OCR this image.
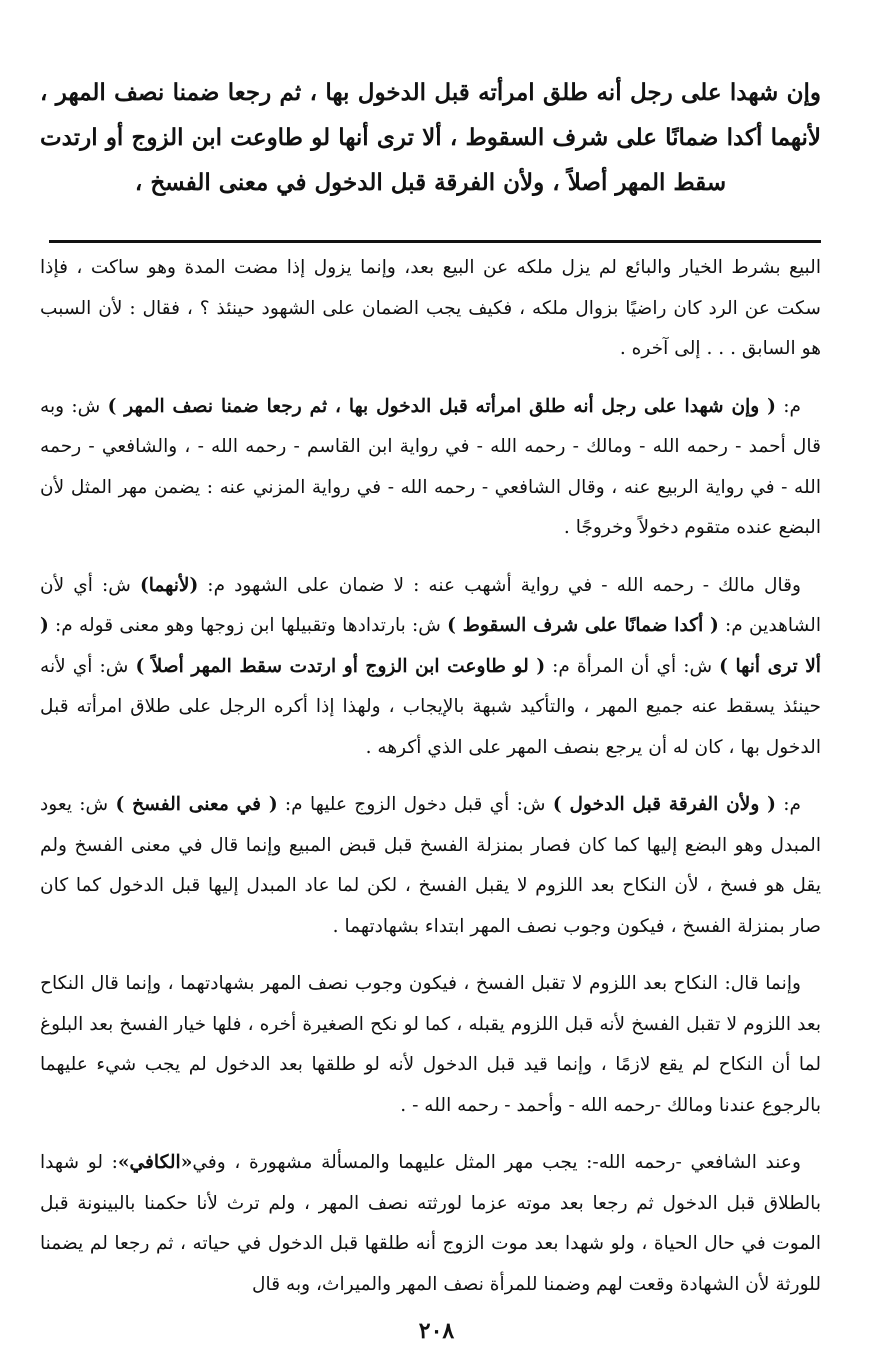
وإن شهدا على رجل أنه طلق امرأته قبل الدخول بها ، ثم رجعا ضمنا نصف المهر ، لأنهما أكدا ضمانًا على شرف السقوط ، ألا ترى أنها لو طاوعت ابن الزوج أو ارتدت سقط المهر أصلاً ، ولأن الفرقة قبل الدخول في معنى الفسخ ،

البيع بشرط الخيار والبائع لم يزل ملكه عن البيع بعد، وإنما يزول إذا مضت المدة وهو ساكت ، فإذا سكت عن الرد كان راضيًا بزوال ملكه ، فكيف يجب الضمان على الشهود حينئذ ؟ ، فقال : لأن السبب هو السابق . . . إلى آخره .

م: ( وإن شهدا على رجل أنه طلق امرأته قبل الدخول بها ، ثم رجعا ضمنا نصف المهر ) ش: وبه قال أحمد - رحمه الله - ومالك - رحمه الله - في رواية ابن القاسم - رحمه الله - ، والشافعي - رحمه الله - في رواية الربيع عنه ، وقال الشافعي - رحمه الله - في رواية المزني عنه : يضمن مهر المثل لأن البضع عنده متقوم دخولاً وخروجًا .

وقال مالك - رحمه الله - في رواية أشهب عنه : لا ضمان على الشهود م: (لأنهما) ش: أي لأن الشاهدين م: ( أكدا ضمانًا على شرف السقوط ) ش: بارتدادها وتقبيلها ابن زوجها وهو معنى قوله م: ( ألا ترى أنها ) ش: أي أن المرأة م: ( لو طاوعت ابن الزوج أو ارتدت سقط المهر أصلاً ) ش: أي لأنه حينئذ يسقط عنه جميع المهر ، والتأكيد شبهة بالإيجاب ، ولهذا إذا أكره الرجل على طلاق امرأته قبل الدخول بها ، كان له أن يرجع بنصف المهر على الذي أكرهه .

م: ( ولأن الفرقة قبل الدخول ) ش: أي قبل دخول الزوج عليها م: ( في معنى الفسخ ) ش: يعود المبدل وهو البضع إليها كما كان فصار بمنزلة الفسخ قبل قبض المبيع وإنما قال في معنى الفسخ ولم يقل هو فسخ ، لأن النكاح بعد اللزوم لا يقبل الفسخ ، لكن لما عاد المبدل إليها قبل الدخول كما كان صار بمنزلة الفسخ ، فيكون وجوب نصف المهر ابتداء بشهادتهما .

وإنما قال: النكاح بعد اللزوم لا تقبل الفسخ ، فيكون وجوب نصف المهر بشهادتهما ، وإنما قال النكاح بعد اللزوم لا تقبل الفسخ لأنه قبل اللزوم يقبله ، كما لو نكح الصغيرة أخره ، فلها خيار الفسخ بعد البلوغ لما أن النكاح لم يقع لازمًا ، وإنما قيد قبل الدخول لأنه لو طلقها بعد الدخول لم يجب شيء عليهما بالرجوع عندنا ومالك -رحمه الله - وأحمد - رحمه الله - .

وعند الشافعي -رحمه الله-: يجب مهر المثل عليهما والمسألة مشهورة ، وفي«الكافي»: لو شهدا بالطلاق قبل الدخول ثم رجعا بعد موته عزما لورثته نصف المهر ، ولم ترث لأنا حكمنا بالبينونة قبل الموت في حال الحياة ، ولو شهدا بعد موت الزوج أنه طلقها قبل الدخول في حياته ، ثم رجعا لم يضمنا للورثة لأن الشهادة وقعت لهم وضمنا للمرأة نصف المهر والميراث، وبه قال

٢٠٨
